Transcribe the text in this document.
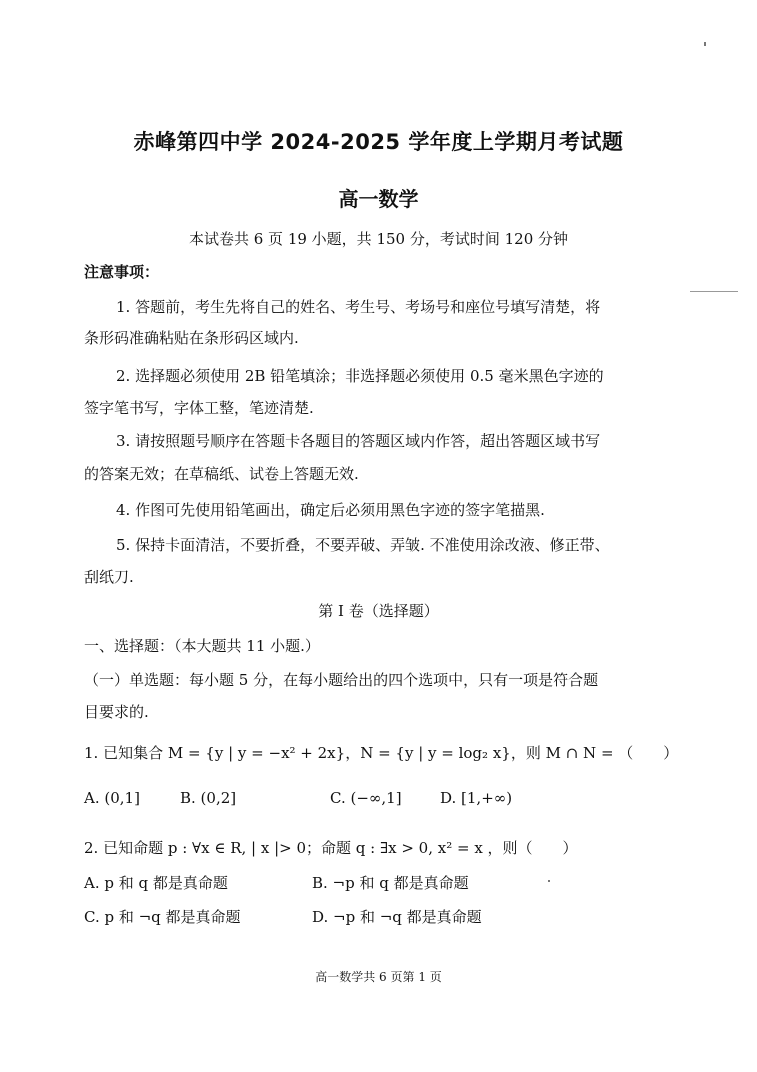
赤峰第四中学 2024-2025 学年度上学期月考试题
高一数学
本试卷共 6 页 19 小题，共 150 分，考试时间 120 分钟
注意事项：
1. 答题前，考生先将自己的姓名、考生号、考场号和座位号填写清楚，将
条形码准确粘贴在条形码区域内.
2. 选择题必须使用 2B 铅笔填涂；非选择题必须使用 0.5 毫米黑色字迹的
签字笔书写，字体工整，笔迹清楚.
3. 请按照题号顺序在答题卡各题目的答题区域内作答，超出答题区域书写
的答案无效；在草稿纸、试卷上答题无效.
4. 作图可先使用铅笔画出，确定后必须用黑色字迹的签字笔描黑.
5. 保持卡面清洁，不要折叠，不要弄破、弄皱. 不准使用涂改液、修正带、
刮纸刀.
第 I 卷（选择题）
一、选择题：（本大题共 11 小题.）
（一）单选题：每小题 5 分，在每小题给出的四个选项中，只有一项是符合题
目要求的.
1. 已知集合 M = {y | y = −x² + 2x}，N = {y | y = log₂ x}，则 M ∩ N = （　　）
A. (0,1]	B. (0,2]	C. (−∞,1]	D. [1,+∞)
2. 已知命题 p : ∀x ∈ R, | x |> 0；命题 q : ∃x > 0, x² = x ，则（　　）
A. p 和 q 都是真命题	B. ¬p 和 q 都是真命题
C. p 和 ¬q 都是真命题	D. ¬p 和 ¬q 都是真命题
高一数学共 6 页第 1 页
